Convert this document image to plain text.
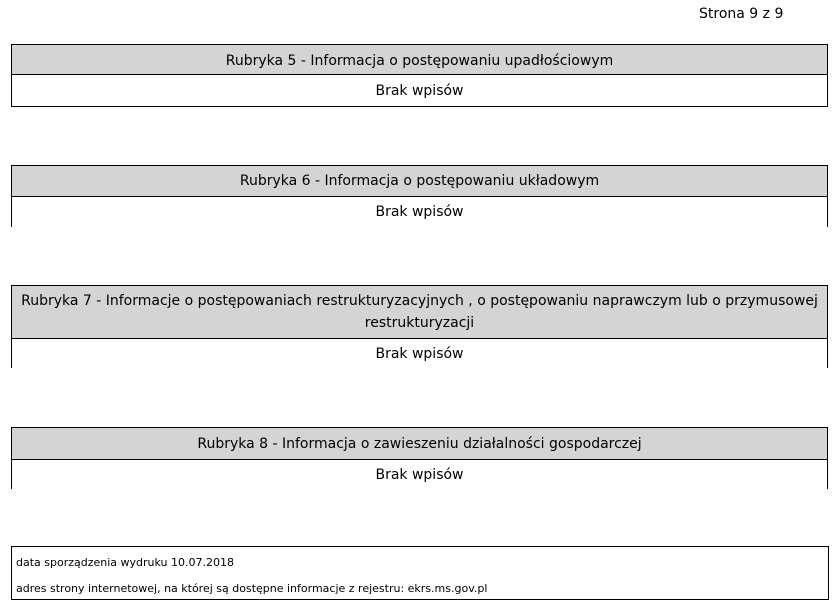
Strona 9 z 9
Rubryka 5 - Informacja o postępowaniu upadłościowym
Brak wpisów
Rubryka 6 - Informacja o postępowaniu układowym
Brak wpisów
Rubryka 7 - Informacje o postępowaniach restrukturyzacyjnych , o postępowaniu naprawczym lub o przymusowej restrukturyzacji
Brak wpisów
Rubryka 8 - Informacja o zawieszeniu działalności gospodarczej
Brak wpisów
data sporządzenia wydruku 10.07.2018
adres strony internetowej, na której są dostępne informacje z rejestru: ekrs.ms.gov.pl
